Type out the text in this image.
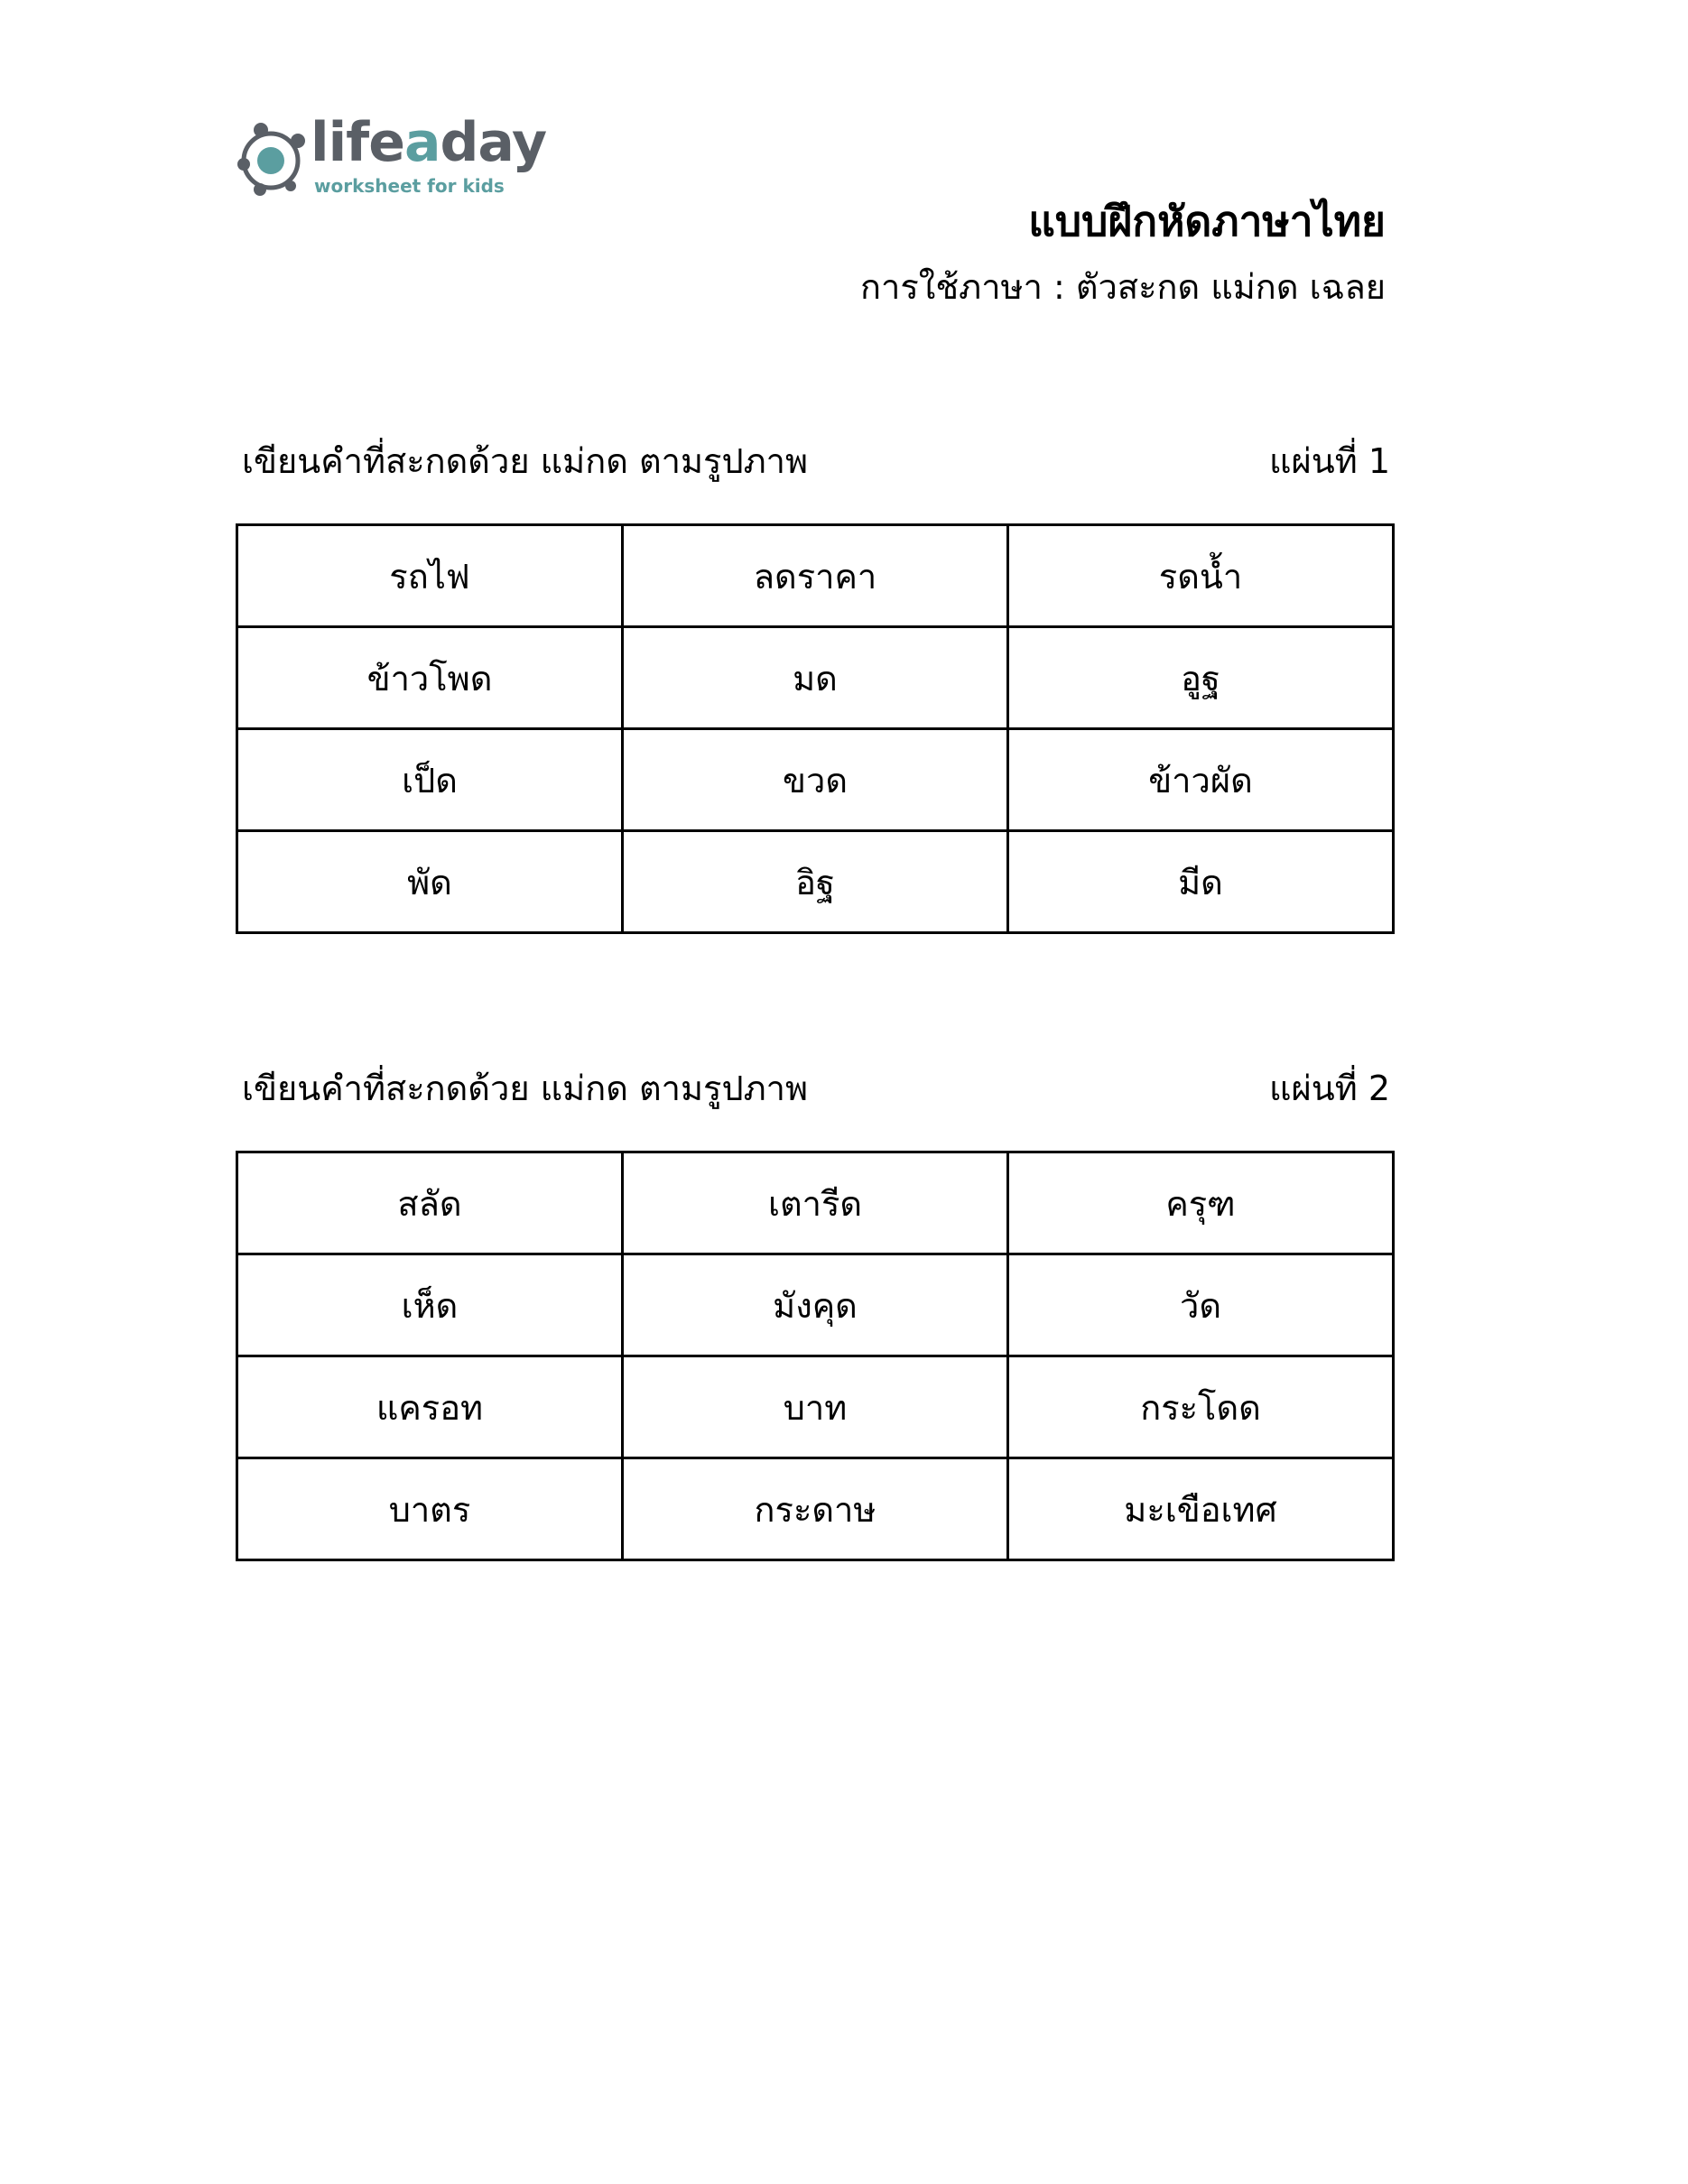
lifeaday
worksheet for kids
แบบฝึกหัดภาษาไทย
การใช้ภาษา : ตัวสะกด แม่กด เฉลย
เขียนคำที่สะกดด้วย แม่กด ตามรูปภาพ	แผ่นที่ 1
รถไฟ	ลดราคา	รดน้ำ
ข้าวโพด	มด	อูฐ
เป็ด	ขวด	ข้าวผัด
พัด	อิฐ	มีด
เขียนคำที่สะกดด้วย แม่กด ตามรูปภาพ	แผ่นที่ 2
สลัด	เตารีด	ครุฑ
เห็ด	มังคุด	วัด
แครอท	บาท	กระโดด
บาตร	กระดาษ	มะเขือเทศ
